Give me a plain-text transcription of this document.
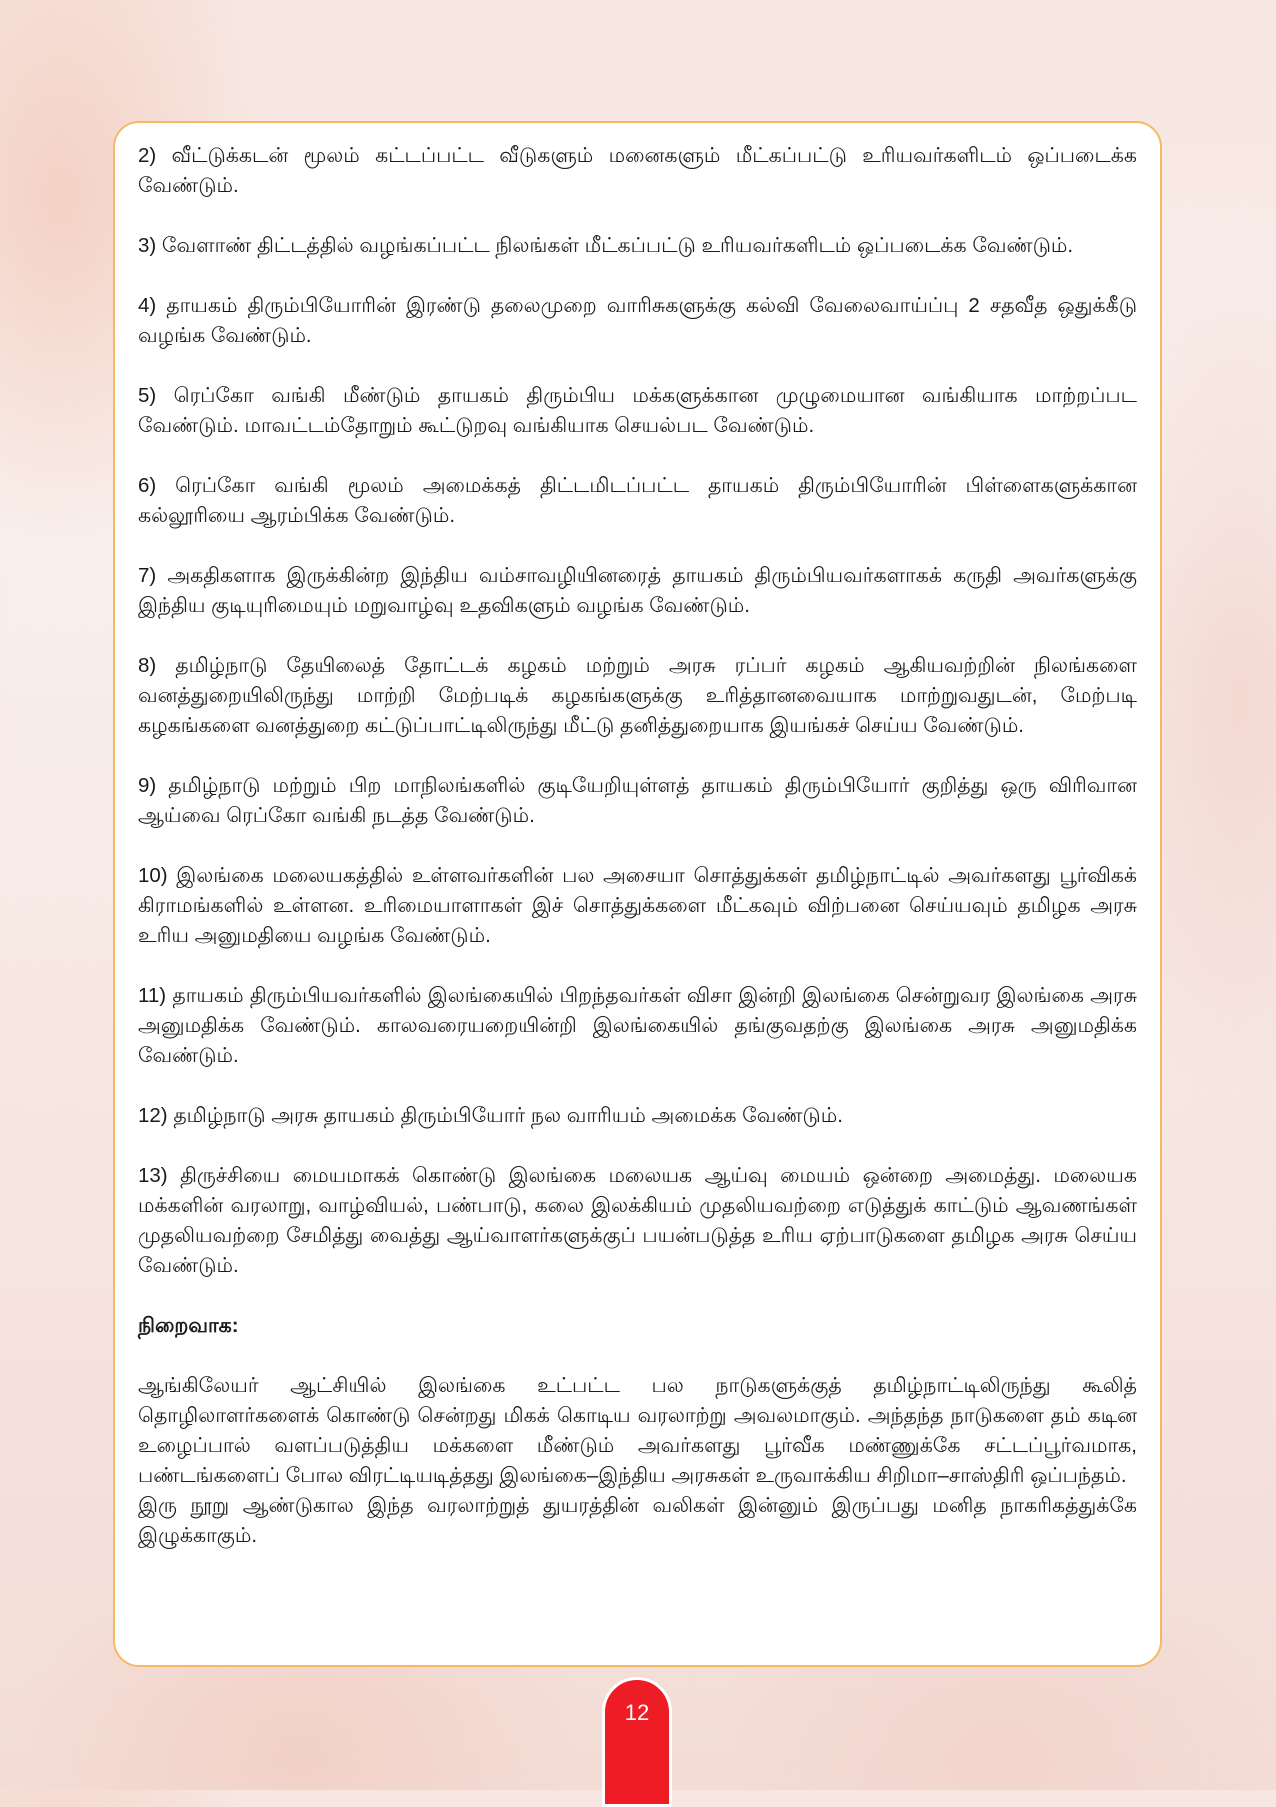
2) வீட்டுக்கடன் மூலம் கட்டப்பட்ட வீடுகளும் மனைகளும் மீட்கப்பட்டு உரியவர்களிடம் ஒப்படைக்க வேண்டும்.

3) வேளாண் திட்டத்தில் வழங்கப்பட்ட நிலங்கள் மீட்கப்பட்டு உரியவர்களிடம் ஒப்படைக்க வேண்டும்.

4) தாயகம் திரும்பியோரின் இரண்டு தலைமுறை வாரிசுகளுக்கு கல்வி வேலைவாய்ப்பு 2 சதவீத ஒதுக்கீடு வழங்க வேண்டும்.

5) ரெப்கோ வங்கி மீண்டும் தாயகம் திரும்பிய மக்களுக்கான முழுமையான வங்கியாக மாற்றப்பட வேண்டும். மாவட்டம்தோறும் கூட்டுறவு வங்கியாக செயல்பட வேண்டும்.

6) ரெப்கோ வங்கி மூலம் அமைக்கத் திட்டமிடப்பட்ட தாயகம் திரும்பியோரின் பிள்ளைகளுக்கான கல்லூரியை ஆரம்பிக்க வேண்டும்.

7) அகதிகளாக இருக்கின்ற இந்திய வம்சாவழியினரைத் தாயகம் திரும்பியவர்களாகக் கருதி அவர்களுக்கு இந்திய குடியுரிமையும் மறுவாழ்வு உதவிகளும் வழங்க வேண்டும்.

8) தமிழ்நாடு தேயிலைத் தோட்டக் கழகம் மற்றும் அரசு ரப்பர் கழகம் ஆகியவற்றின் நிலங்களை வனத்துறையிலிருந்து மாற்றி மேற்படிக் கழகங்களுக்கு உரித்தானவையாக மாற்றுவதுடன், மேற்படி கழகங்களை வனத்துறை கட்டுப்பாட்டிலிருந்து மீட்டு தனித்துறையாக இயங்கச் செய்ய வேண்டும்.

9) தமிழ்நாடு மற்றும் பிற மாநிலங்களில் குடியேறியுள்ளத் தாயகம் திரும்பியோர் குறித்து ஒரு விரிவான ஆய்வை ரெப்கோ வங்கி நடத்த வேண்டும்.

10) இலங்கை மலையகத்தில் உள்ளவர்களின் பல அசையா சொத்துக்கள் தமிழ்நாட்டில் அவர்களது பூர்விகக் கிராமங்களில் உள்ளன. உரிமையாளாகள் இச் சொத்துக்களை மீட்கவும் விற்பனை செய்யவும் தமிழக அரசு உரிய அனுமதியை வழங்க வேண்டும்.

11) தாயகம் திரும்பியவர்களில் இலங்கையில் பிறந்தவர்கள் விசா இன்றி இலங்கை சென்றுவர இலங்கை அரசு அனுமதிக்க வேண்டும். காலவரையறையின்றி இலங்கையில் தங்குவதற்கு இலங்கை அரசு அனுமதிக்க வேண்டும்.

12) தமிழ்நாடு அரசு தாயகம் திரும்பியோர் நல வாரியம் அமைக்க வேண்டும்.

13) திருச்சியை மையமாகக் கொண்டு இலங்கை மலையக ஆய்வு மையம் ஒன்றை அமைத்து. மலையக மக்களின் வரலாறு, வாழ்வியல், பண்பாடு, கலை இலக்கியம் முதலியவற்றை எடுத்துக் காட்டும் ஆவணங்கள் முதலியவற்றை சேமித்து வைத்து ஆய்வாளர்களுக்குப் பயன்படுத்த உரிய ஏற்பாடுகளை தமிழக அரசு செய்ய வேண்டும்.

நிறைவாக:

ஆங்கிலேயர் ஆட்சியில் இலங்கை உட்பட்ட பல நாடுகளுக்குத் தமிழ்நாட்டிலிருந்து கூலித் தொழிலாளர்களைக் கொண்டு சென்றது மிகக் கொடிய வரலாற்று அவலமாகும். அந்தந்த நாடுகளை தம் கடின உழைப்பால் வளப்படுத்திய மக்களை மீண்டும் அவர்களது பூர்வீக மண்ணுக்கே சட்டப்பூர்வமாக, பண்டங்களைப் போல விரட்டியடித்தது இலங்கை–இந்திய அரசுகள் உருவாக்கிய சிறிமா–சாஸ்திரி ஒப்பந்தம்.

இரு நூறு ஆண்டுகால இந்த வரலாற்றுத் துயரத்தின் வலிகள் இன்னும் இருப்பது மனித நாகரிகத்துக்கே இழுக்காகும்.

12
